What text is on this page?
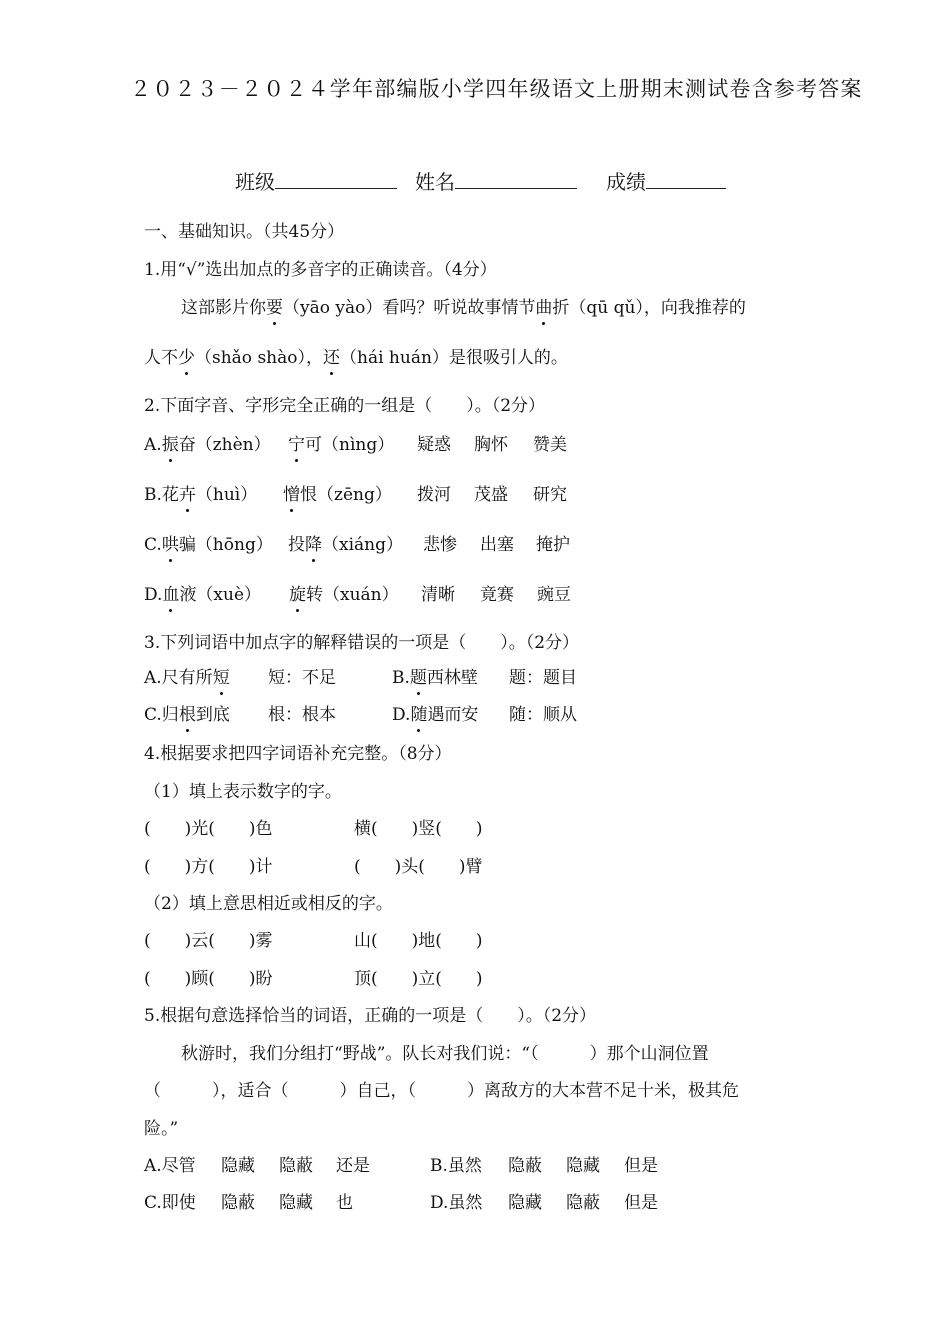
２０２３－２０２４学年部编版小学四年级语文上册期末测试卷含参考答案
班级	姓名	成绩
一、基础知识。（共45分）
1.用“√”选出加点的多音字的正确读音。（4分）
这部影片你要（yāo yào）看吗？听说故事情节曲折（qū qǔ），向我推荐的
人不少（shǎo shào），还（hái huán）是很吸引人的。
2.下面字音、字形完全正确的一组是（　　）。（2分）
A.振奋（zhèn） 宁可（nìng） 疑惑 胸怀 赞美
B.花卉（huì） 憎恨（zēng） 拨河 茂盛 研究
C.哄骗（hōng） 投降（xiáng） 悲惨 出塞 掩护
D.血液（xuè） 旋转（xuán） 清晰 竟赛 豌豆
3.下列词语中加点字的解释错误的一项是（　　）。（2分）
A.尺有所短 短：不足	B.题西林壁 题：题目
C.归根到底 根：根本	D.随遇而安 随：顺从
4.根据要求把四字词语补充完整。（8分）
（1）填上表示数字的字。
(　　)光(　　)色	横(　　)竖(　　)
(　　)方(　　)计	(　　)头(　　)臂
（2）填上意思相近或相反的字。
(　　)云(　　)雾	山(　　)地(　　)
(　　)顾(　　)盼	顶(　　)立(　　)
5.根据句意选择恰当的词语，正确的一项是（　　）。（2分）
秋游时，我们分组打“野战”。队长对我们说：“（　　　）那个山洞位置
（　　　），适合（　　　）自己，（　　　）离敌方的大本营不足十米，极其危
险。”
A.尽管 隐藏 隐蔽 还是	B.虽然 隐蔽 隐藏 但是
C.即使 隐蔽 隐藏 也	D.虽然 隐藏 隐蔽 但是
